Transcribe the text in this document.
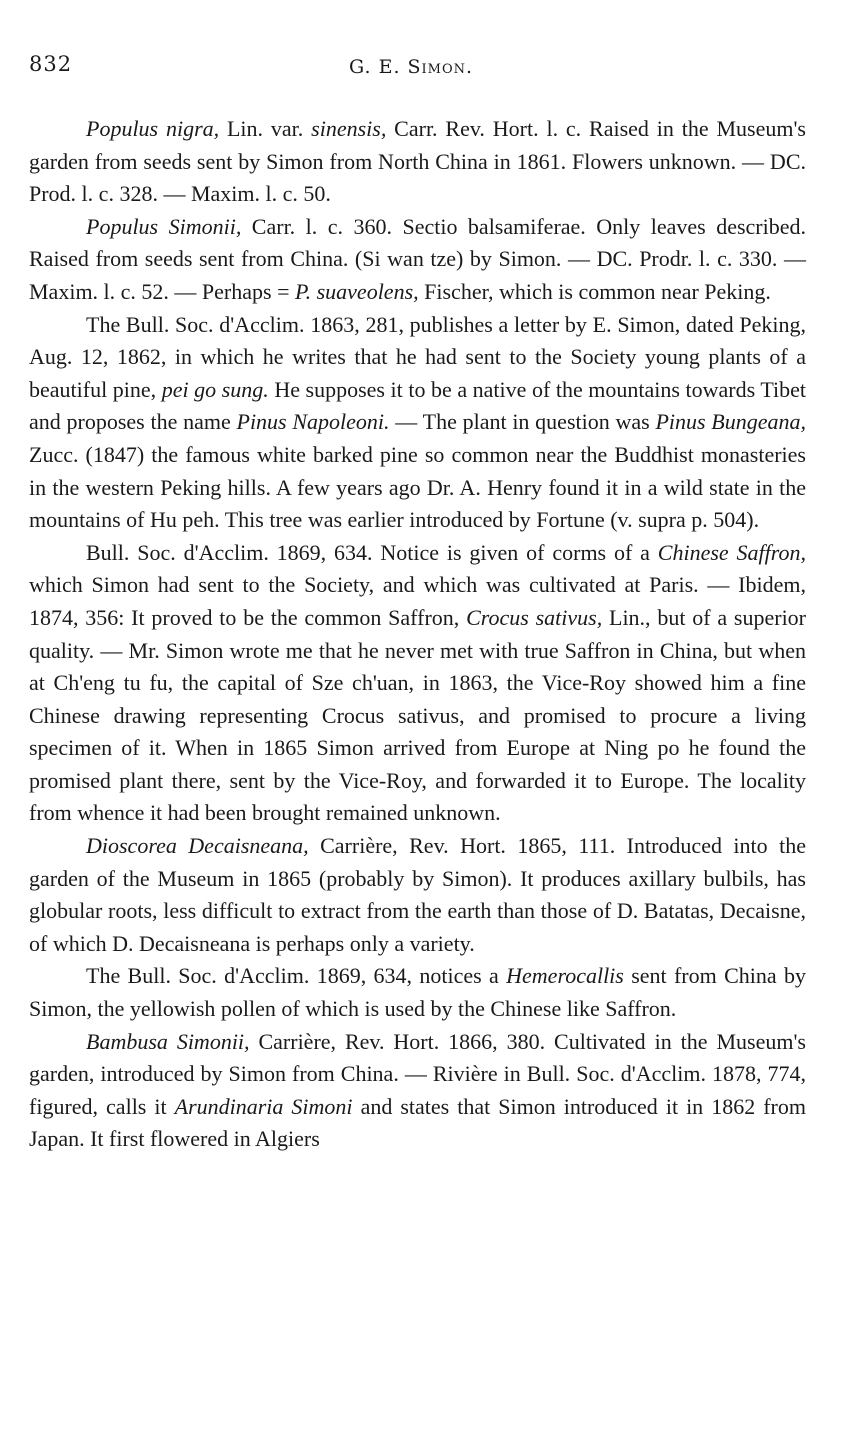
832	G. E. Simon.

Populus nigra, Lin. var. sinensis, Carr. Rev. Hort. l. c. Raised in the Museum's garden from seeds sent by Simon from North China in 1861. Flowers unknown. — DC. Prod. l. c. 328. — Maxim. l. c. 50.

Populus Simonii, Carr. l. c. 360. Sectio balsamiferae. Only leaves described. Raised from seeds sent from China. (Si wan tze) by Simon. — DC. Prodr. l. c. 330. — Maxim. l. c. 52. — Perhaps = P. suaveolens, Fischer, which is common near Peking.

The Bull. Soc. d'Acclim. 1863, 281, publishes a letter by E. Simon, dated Peking, Aug. 12, 1862, in which he writes that he had sent to the Society young plants of a beautiful pine, pei go sung. He supposes it to be a native of the mountains towards Tibet and proposes the name Pinus Napoleoni. — The plant in question was Pinus Bungeana, Zucc. (1847) the famous white barked pine so common near the Buddhist monasteries in the western Peking hills. A few years ago Dr. A. Henry found it in a wild state in the mountains of Hu peh. This tree was earlier introduced by Fortune (v. supra p. 504).

Bull. Soc. d'Acclim. 1869, 634. Notice is given of corms of a Chinese Saffron, which Simon had sent to the Society, and which was cultivated at Paris. — Ibidem, 1874, 356: It proved to be the common Saffron, Crocus sativus, Lin., but of a superior quality. — Mr. Simon wrote me that he never met with true Saffron in China, but when at Ch'eng tu fu, the capital of Sze ch'uan, in 1863, the Vice-Roy showed him a fine Chinese drawing representing Crocus sativus, and promised to procure a living specimen of it. When in 1865 Simon arrived from Europe at Ning po he found the promised plant there, sent by the Vice-Roy, and forwarded it to Europe. The locality from whence it had been brought remained unknown.

Dioscorea Decaisneana, Carrière, Rev. Hort. 1865, 111. Introduced into the garden of the Museum in 1865 (probably by Simon). It produces axillary bulbils, has globular roots, less difficult to extract from the earth than those of D. Batatas, Decaisne, of which D. Decaisneana is perhaps only a variety.

The Bull. Soc. d'Acclim. 1869, 634, notices a Hemerocallis sent from China by Simon, the yellowish pollen of which is used by the Chinese like Saffron.

Bambusa Simonii, Carrière, Rev. Hort. 1866, 380. Cultivated in the Museum's garden, introduced by Simon from China. — Rivière in Bull. Soc. d'Acclim. 1878, 774, figured, calls it Arundinaria Simoni and states that Simon introduced it in 1862 from Japan. It first flowered in Algiers
